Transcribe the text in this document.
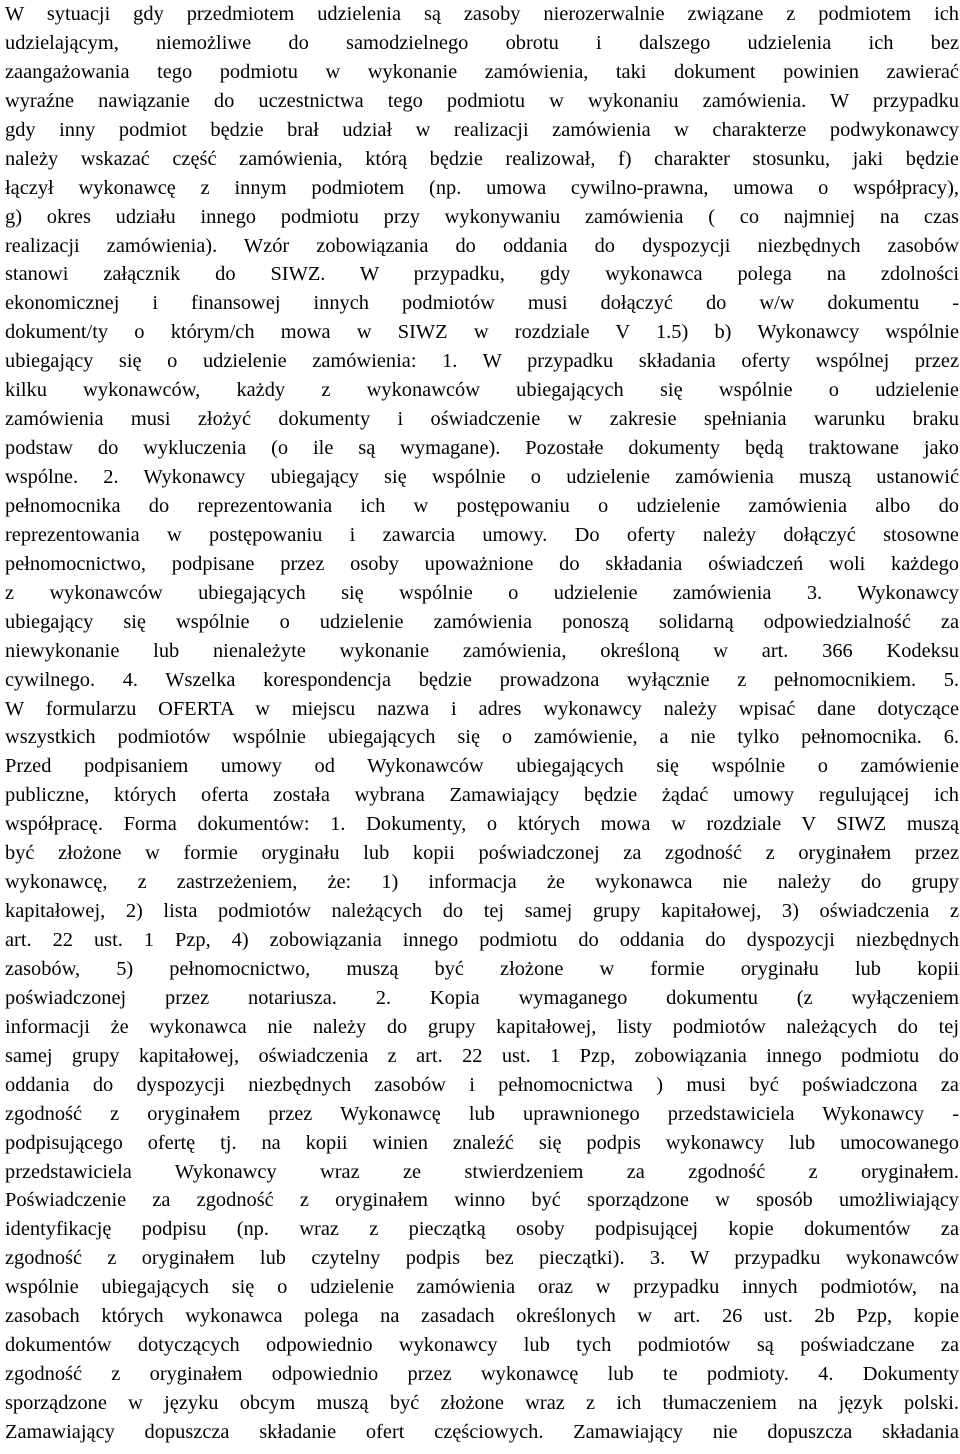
W sytuacji gdy przedmiotem udzielenia są zasoby nierozerwalnie związane z podmiotem ich
udzielającym, niemożliwe do samodzielnego obrotu i dalszego udzielenia ich bez
zaangażowania tego podmiotu w wykonanie zamówienia, taki dokument powinien zawierać
wyraźne nawiązanie do uczestnictwa tego podmiotu w wykonaniu zamówienia. W przypadku
gdy inny podmiot będzie brał udział w realizacji zamówienia w charakterze podwykonawcy
należy wskazać część zamówienia, którą będzie realizował, f) charakter stosunku, jaki będzie
łączył wykonawcę z innym podmiotem (np. umowa cywilno-prawna, umowa o współpracy),
g) okres udziału innego podmiotu przy wykonywaniu zamówienia ( co najmniej na czas
realizacji zamówienia). Wzór zobowiązania do oddania do dyspozycji niezbędnych zasobów
stanowi załącznik do SIWZ. W przypadku, gdy wykonawca polega na zdolności
ekonomicznej i finansowej innych podmiotów musi dołączyć do w/w dokumentu -
dokument/ty o którym/ch mowa w SIWZ w rozdziale V 1.5) b) Wykonawcy wspólnie
ubiegający się o udzielenie zamówienia: 1. W przypadku składania oferty wspólnej przez
kilku wykonawców, każdy z wykonawców ubiegających się wspólnie o udzielenie
zamówienia musi złożyć dokumenty i oświadczenie w zakresie spełniania warunku braku
podstaw do wykluczenia (o ile są wymagane). Pozostałe dokumenty będą traktowane jako
wspólne. 2. Wykonawcy ubiegający się wspólnie o udzielenie zamówienia muszą ustanowić
pełnomocnika do reprezentowania ich w postępowaniu o udzielenie zamówienia albo do
reprezentowania w postępowaniu i zawarcia umowy. Do oferty należy dołączyć stosowne
pełnomocnictwo, podpisane przez osoby upoważnione do składania oświadczeń woli każdego
z wykonawców ubiegających się wspólnie o udzielenie zamówienia 3. Wykonawcy
ubiegający się wspólnie o udzielenie zamówienia ponoszą solidarną odpowiedzialność za
niewykonanie lub nienależyte wykonanie zamówienia, określoną w art. 366 Kodeksu
cywilnego. 4. Wszelka korespondencja będzie prowadzona wyłącznie z pełnomocnikiem. 5.
W formularzu OFERTA w miejscu nazwa i adres wykonawcy należy wpisać dane dotyczące
wszystkich podmiotów wspólnie ubiegających się o zamówienie, a nie tylko pełnomocnika. 6.
Przed podpisaniem umowy od Wykonawców ubiegających się wspólnie o zamówienie
publiczne, których oferta została wybrana Zamawiający będzie żądać umowy regulującej ich
współpracę. Forma dokumentów: 1. Dokumenty, o których mowa w rozdziale V SIWZ muszą
być złożone w formie oryginału lub kopii poświadczonej za zgodność z oryginałem przez
wykonawcę, z zastrzeżeniem, że: 1) informacja że wykonawca nie należy do grupy
kapitałowej, 2) lista podmiotów należących do tej samej grupy kapitałowej, 3) oświadczenia z
art. 22 ust. 1 Pzp, 4) zobowiązania innego podmiotu do oddania do dyspozycji niezbędnych
zasobów, 5) pełnomocnictwo, muszą być złożone w formie oryginału lub kopii
poświadczonej przez notariusza. 2. Kopia wymaganego dokumentu (z wyłączeniem
informacji że wykonawca nie należy do grupy kapitałowej, listy podmiotów należących do tej
samej grupy kapitałowej, oświadczenia z art. 22 ust. 1 Pzp, zobowiązania innego podmiotu do
oddania do dyspozycji niezbędnych zasobów i pełnomocnictwa ) musi być poświadczona za
zgodność z oryginałem przez Wykonawcę lub uprawnionego przedstawiciela Wykonawcy -
podpisującego ofertę tj. na kopii winien znaleźć się podpis wykonawcy lub umocowanego
przedstawiciela Wykonawcy wraz ze stwierdzeniem za zgodność z oryginałem.
Poświadczenie za zgodność z oryginałem winno być sporządzone w sposób umożliwiający
identyfikację podpisu (np. wraz z pieczątką osoby podpisującej kopie dokumentów za
zgodność z oryginałem lub czytelny podpis bez pieczątki). 3. W przypadku wykonawców
wspólnie ubiegających się o udzielenie zamówienia oraz w przypadku innych podmiotów, na
zasobach których wykonawca polega na zasadach określonych w art. 26 ust. 2b Pzp, kopie
dokumentów dotyczących odpowiednio wykonawcy lub tych podmiotów są poświadczane za
zgodność z oryginałem odpowiednio przez wykonawcę lub te podmioty. 4. Dokumenty
sporządzone w języku obcym muszą być złożone wraz z ich tłumaczeniem na język polski.
Zamawiający dopuszcza składanie ofert częściowych. Zamawiający nie dopuszcza składania
